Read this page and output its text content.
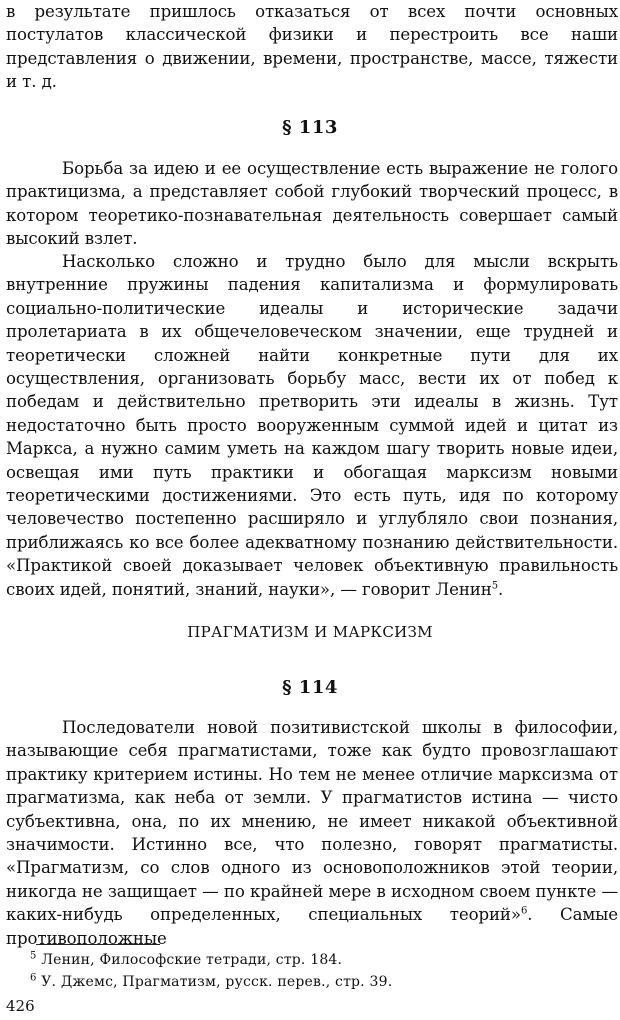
в результате пришлось отказаться от всех почти основных постулатов классической физики и перестроить все наши представления о движении, времени, пространстве, массе, тяжести и т. д.

§ 113

Борьба за идею и ее осуществление есть выражение не голого практицизма, а представляет собой глубокий творческий процесс, в котором теоретико-познавательная деятельность совершает самый высокий взлет.

Насколько сложно и трудно было для мысли вскрыть внутренние пружины падения капитализма и формулировать социально-политические идеалы и исторические задачи пролетариата в их общечеловеческом значении, еще трудней и теоретически сложней найти конкретные пути для их осуществления, организовать борьбу масс, вести их от побед к победам и действительно претворить эти идеалы в жизнь. Тут недостаточно быть просто вооруженным суммой идей и цитат из Маркса, а нужно самим уметь на каждом шагу творить новые идеи, освещая ими путь практики и обогащая марксизм новыми теоретическими достижениями. Это есть путь, идя по которому человечество постепенно расширяло и углубляло свои познания, приближаясь ко все более адекватному познанию действительности. «Практикой своей доказывает человек объективную правильность своих идей, понятий, знаний, науки», — говорит Ленин$^5$.

ПРАГМАТИЗМ И МАРКСИЗМ

§ 114

Последователи новой позитивистской школы в философии, называющие себя прагматистами, тоже как будто провозглашают практику критерием истины. Но тем не менее отличие марксизма от прагматизма, как неба от земли. У прагматистов истина — чисто субъективна, она, по их мнению, не имеет никакой объективной значимости. Истинно все, что полезно, говорят прагматисты. «Прагматизм, со слов одного из основоположников этой теории, никогда не защищает — по крайней мере в исходном своем пункте — каких-нибудь определенных, специальных теорий»$^6$. Самые противоположные

$^5$ Ленин, Философские тетради, стр. 184.

$^6$ У. Джемс, Прагматизм, русск. перев., стр. 39.

426
